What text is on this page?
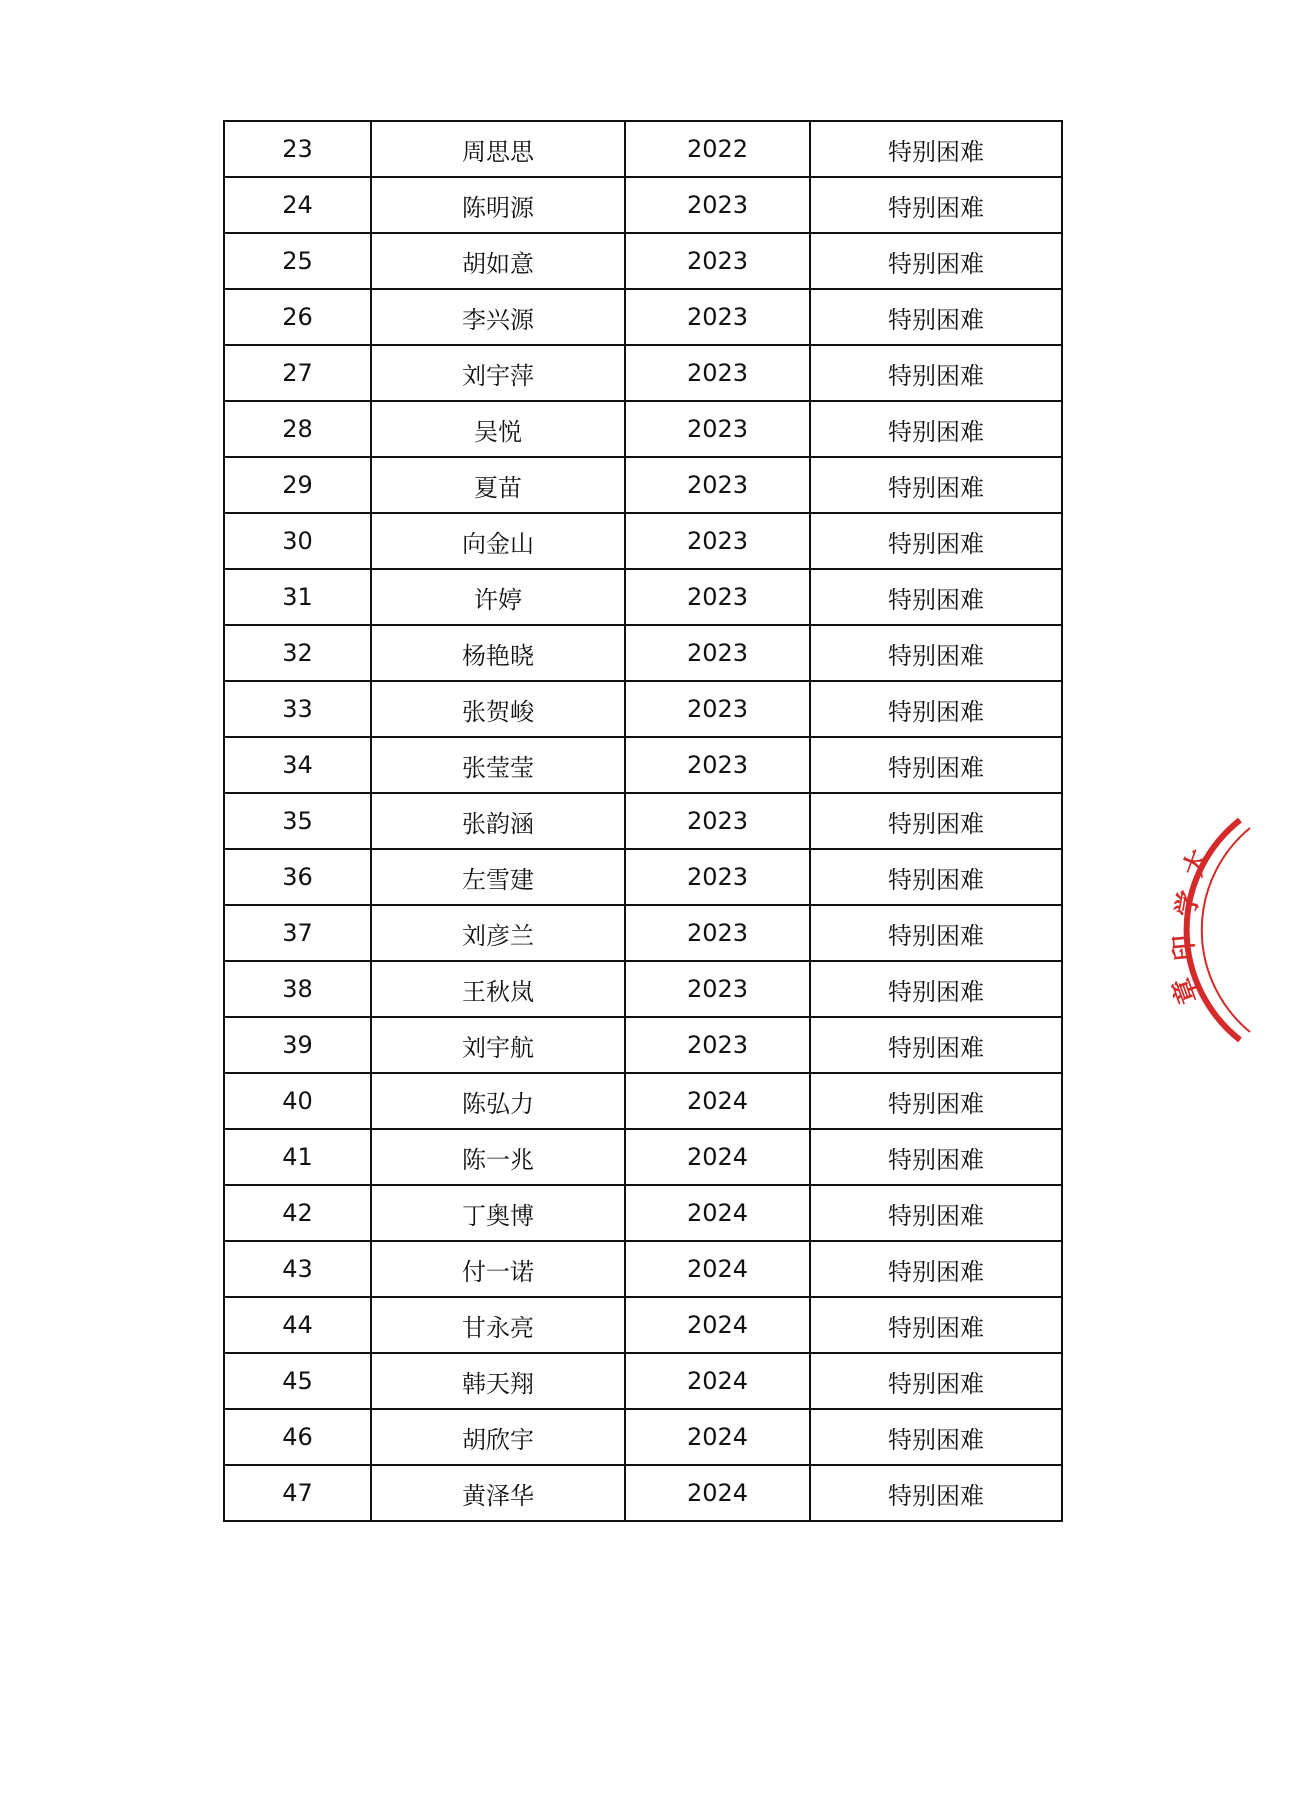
23	周思思	2022	特别困难
24	陈明源	2023	特别困难
25	胡如意	2023	特别困难
26	李兴源	2023	特别困难
27	刘宇萍	2023	特别困难
28	吴悦	2023	特别困难
29	夏苗	2023	特别困难
30	向金山	2023	特别困难
31	许婷	2023	特别困难
32	杨艳晓	2023	特别困难
33	张贺峻	2023	特别困难
34	张莹莹	2023	特别困难
35	张韵涵	2023	特别困难
36	左雪建	2023	特别困难
37	刘彦兰	2023	特别困难
38	王秋岚	2023	特别困难
39	刘宇航	2023	特别困难
40	陈弘力	2024	特别困难
41	陈一兆	2024	特别困难
42	丁奥博	2024	特别困难
43	付一诺	2024	特别困难
44	甘永亮	2024	特别困难
45	韩天翔	2024	特别困难
46	胡欣宇	2024	特别困难
47	黄泽华	2024	特别困难
大
学
印
章
